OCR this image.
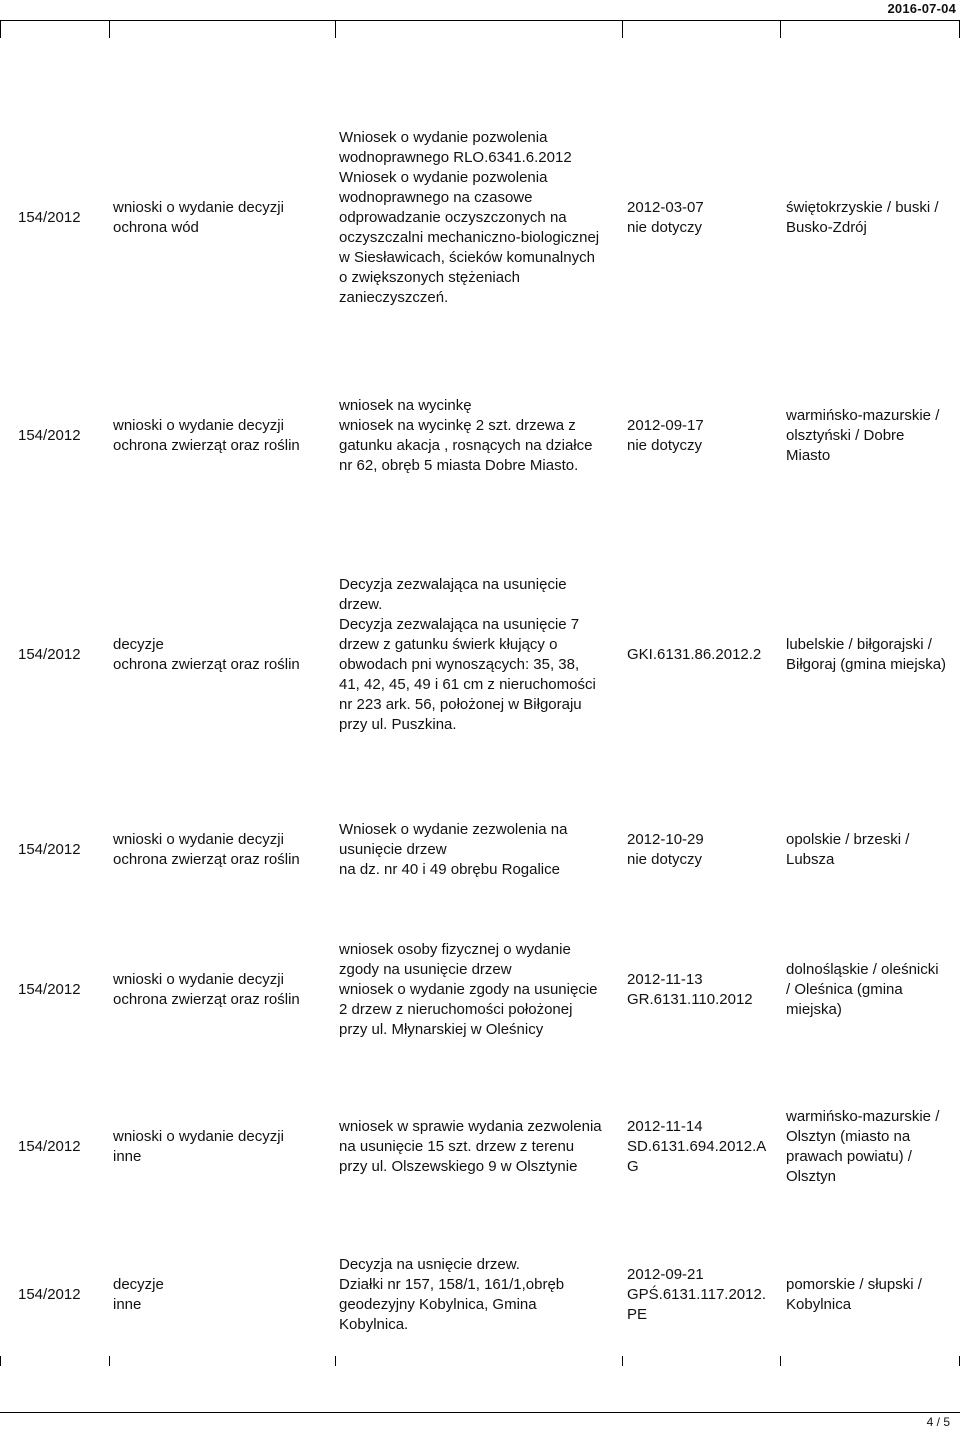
2016-07-04
154/2012
wnioski o wydanie decyzji
ochrona wód
Wniosek o wydanie pozwolenia
wodnoprawnego RLO.6341.6.2012
Wniosek o wydanie pozwolenia
wodnoprawnego na czasowe
odprowadzanie oczyszczonych na
oczyszczalni mechaniczno-biologicznej
w Siesławicach, ścieków komunalnych
o zwiększonych stężeniach
zanieczyszczeń.
2012-03-07
nie dotyczy
świętokrzyskie / buski /
Busko-Zdrój
154/2012
wnioski o wydanie decyzji
ochrona zwierząt oraz roślin
wniosek na wycinkę
wniosek na wycinkę 2 szt. drzewa z
gatunku akacja , rosnących na działce
nr 62, obręb 5 miasta Dobre Miasto.
2012-09-17
nie dotyczy
warmińsko-mazurskie /
olsztyński / Dobre
Miasto
154/2012
decyzje
ochrona zwierząt oraz roślin
Decyzja zezwalająca na usunięcie
drzew.
Decyzja zezwalająca na usunięcie 7
drzew z gatunku świerk kłujący o
obwodach pni wynoszących: 35, 38,
41, 42, 45, 49 i 61 cm z nieruchomości
nr 223 ark. 56, położonej w Biłgoraju
przy ul. Puszkina.
GKI.6131.86.2012.2
lubelskie / biłgorajski /
Biłgoraj (gmina miejska)
154/2012
wnioski o wydanie decyzji
ochrona zwierząt oraz roślin
Wniosek o wydanie zezwolenia na
usunięcie drzew
na dz. nr 40 i 49 obrębu Rogalice
2012-10-29
nie dotyczy
opolskie / brzeski /
Lubsza
154/2012
wnioski o wydanie decyzji
ochrona zwierząt oraz roślin
wniosek osoby fizycznej o wydanie
zgody na usunięcie drzew
wniosek o wydanie zgody na usunięcie
2 drzew z nieruchomości położonej
przy ul. Młynarskiej w Oleśnicy
2012-11-13
GR.6131.110.2012
dolnośląskie / oleśnicki
/ Oleśnica (gmina
miejska)
154/2012
wnioski o wydanie decyzji
inne
wniosek w sprawie wydania zezwolenia
na usunięcie 15 szt. drzew z terenu
przy ul. Olszewskiego 9 w Olsztynie
2012-11-14
SD.6131.694.2012.A
G
warmińsko-mazurskie /
Olsztyn (miasto na
prawach powiatu) /
Olsztyn
154/2012
decyzje
inne
Decyzja na usnięcie drzew.
Działki nr 157, 158/1, 161/1,obręb
geodezyjny Kobylnica, Gmina
Kobylnica.
2012-09-21
GPŚ.6131.117.2012.
PE
pomorskie / słupski /
Kobylnica
4 / 5
